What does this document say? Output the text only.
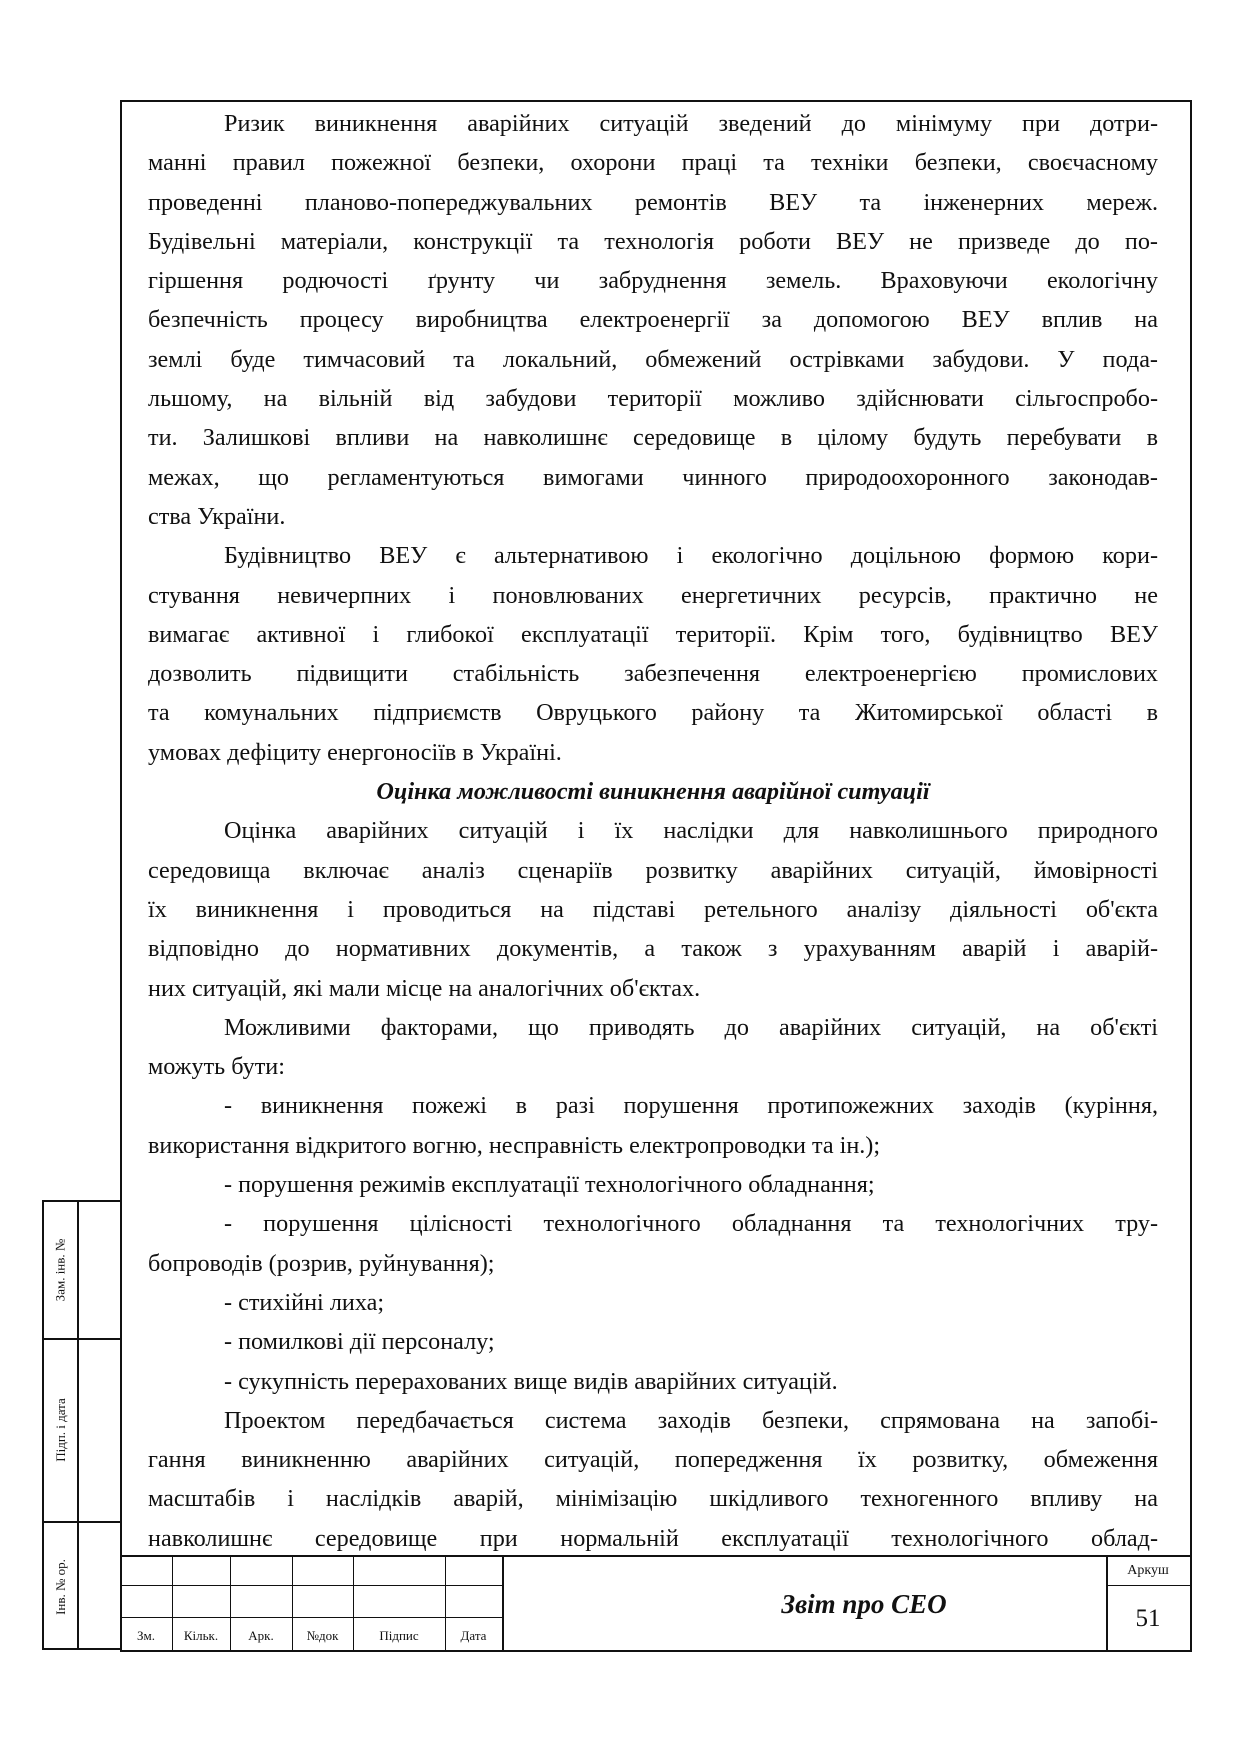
Ризик виникнення аварійних ситуацій зведений до мінімуму при дотри-
манні правил пожежної безпеки, охорони праці та техніки безпеки, своєчасному
проведенні планово-попереджувальних ремонтів ВЕУ та інженерних мереж.
Будівельні матеріали, конструкції та технологія роботи ВЕУ не призведе до по-
гіршення родючості ґрунту чи забруднення земель. Враховуючи екологічну
безпечність процесу виробництва електроенергії за допомогою ВЕУ вплив на
землі буде тимчасовий та локальний, обмежений острівками забудови. У пода-
льшому, на вільній від забудови території можливо здійснювати сільгоспробо-
ти. Залишкові впливи на навколишнє середовище в цілому будуть перебувати в
межах, що регламентуються вимогами чинного природоохоронного законодав-
ства України.
Будівництво ВЕУ є альтернативою і екологічно доцільною формою кори-
стування невичерпних і поновлюваних енергетичних ресурсів, практично не
вимагає активної і глибокої експлуатації території. Крім того, будівництво ВЕУ
дозволить підвищити стабільність забезпечення електроенергією промислових
та комунальних підприємств Овруцького району та Житомирської області в
умовах дефіциту енергоносіїв в Україні.
Оцінка можливості виникнення аварійної ситуації
Оцінка аварійних ситуацій і їх наслідки для навколишнього природного
середовища включає аналіз сценаріїв розвитку аварійних ситуацій, ймовірності
їх виникнення і проводиться на підставі ретельного аналізу діяльності об'єкта
відповідно до нормативних документів, а також з урахуванням аварій і аварій-
них ситуацій, які мали місце на аналогічних об'єктах.
Можливими факторами, що приводять до аварійних ситуацій, на об'єкті
можуть бути:
- виникнення пожежі в разі порушення протипожежних заходів (куріння,
використання відкритого вогню, несправність електропроводки та ін.);
- порушення режимів експлуатації технологічного обладнання;
- порушення цілісності технологічного обладнання та технологічних тру-
бопроводів (розрив, руйнування);
- стихійні лиха;
- помилкові дії персоналу;
- сукупність перерахованих вище видів аварійних ситуацій.
Проектом передбачається система заходів безпеки, спрямована на запобі-
гання виникненню аварійних ситуацій, попередження їх розвитку, обмеження
масштабів і наслідків аварій, мінімізацію шкідливого техногенного впливу на
навколишнє середовище при нормальній експлуатації технологічного облад-
Зам. інв. №
Підп. і дата
Інв. № ор.
Зм.	Кільк.	Арк.	№док	Підпис	Дата
Звіт про СЕО
Аркуш
51
